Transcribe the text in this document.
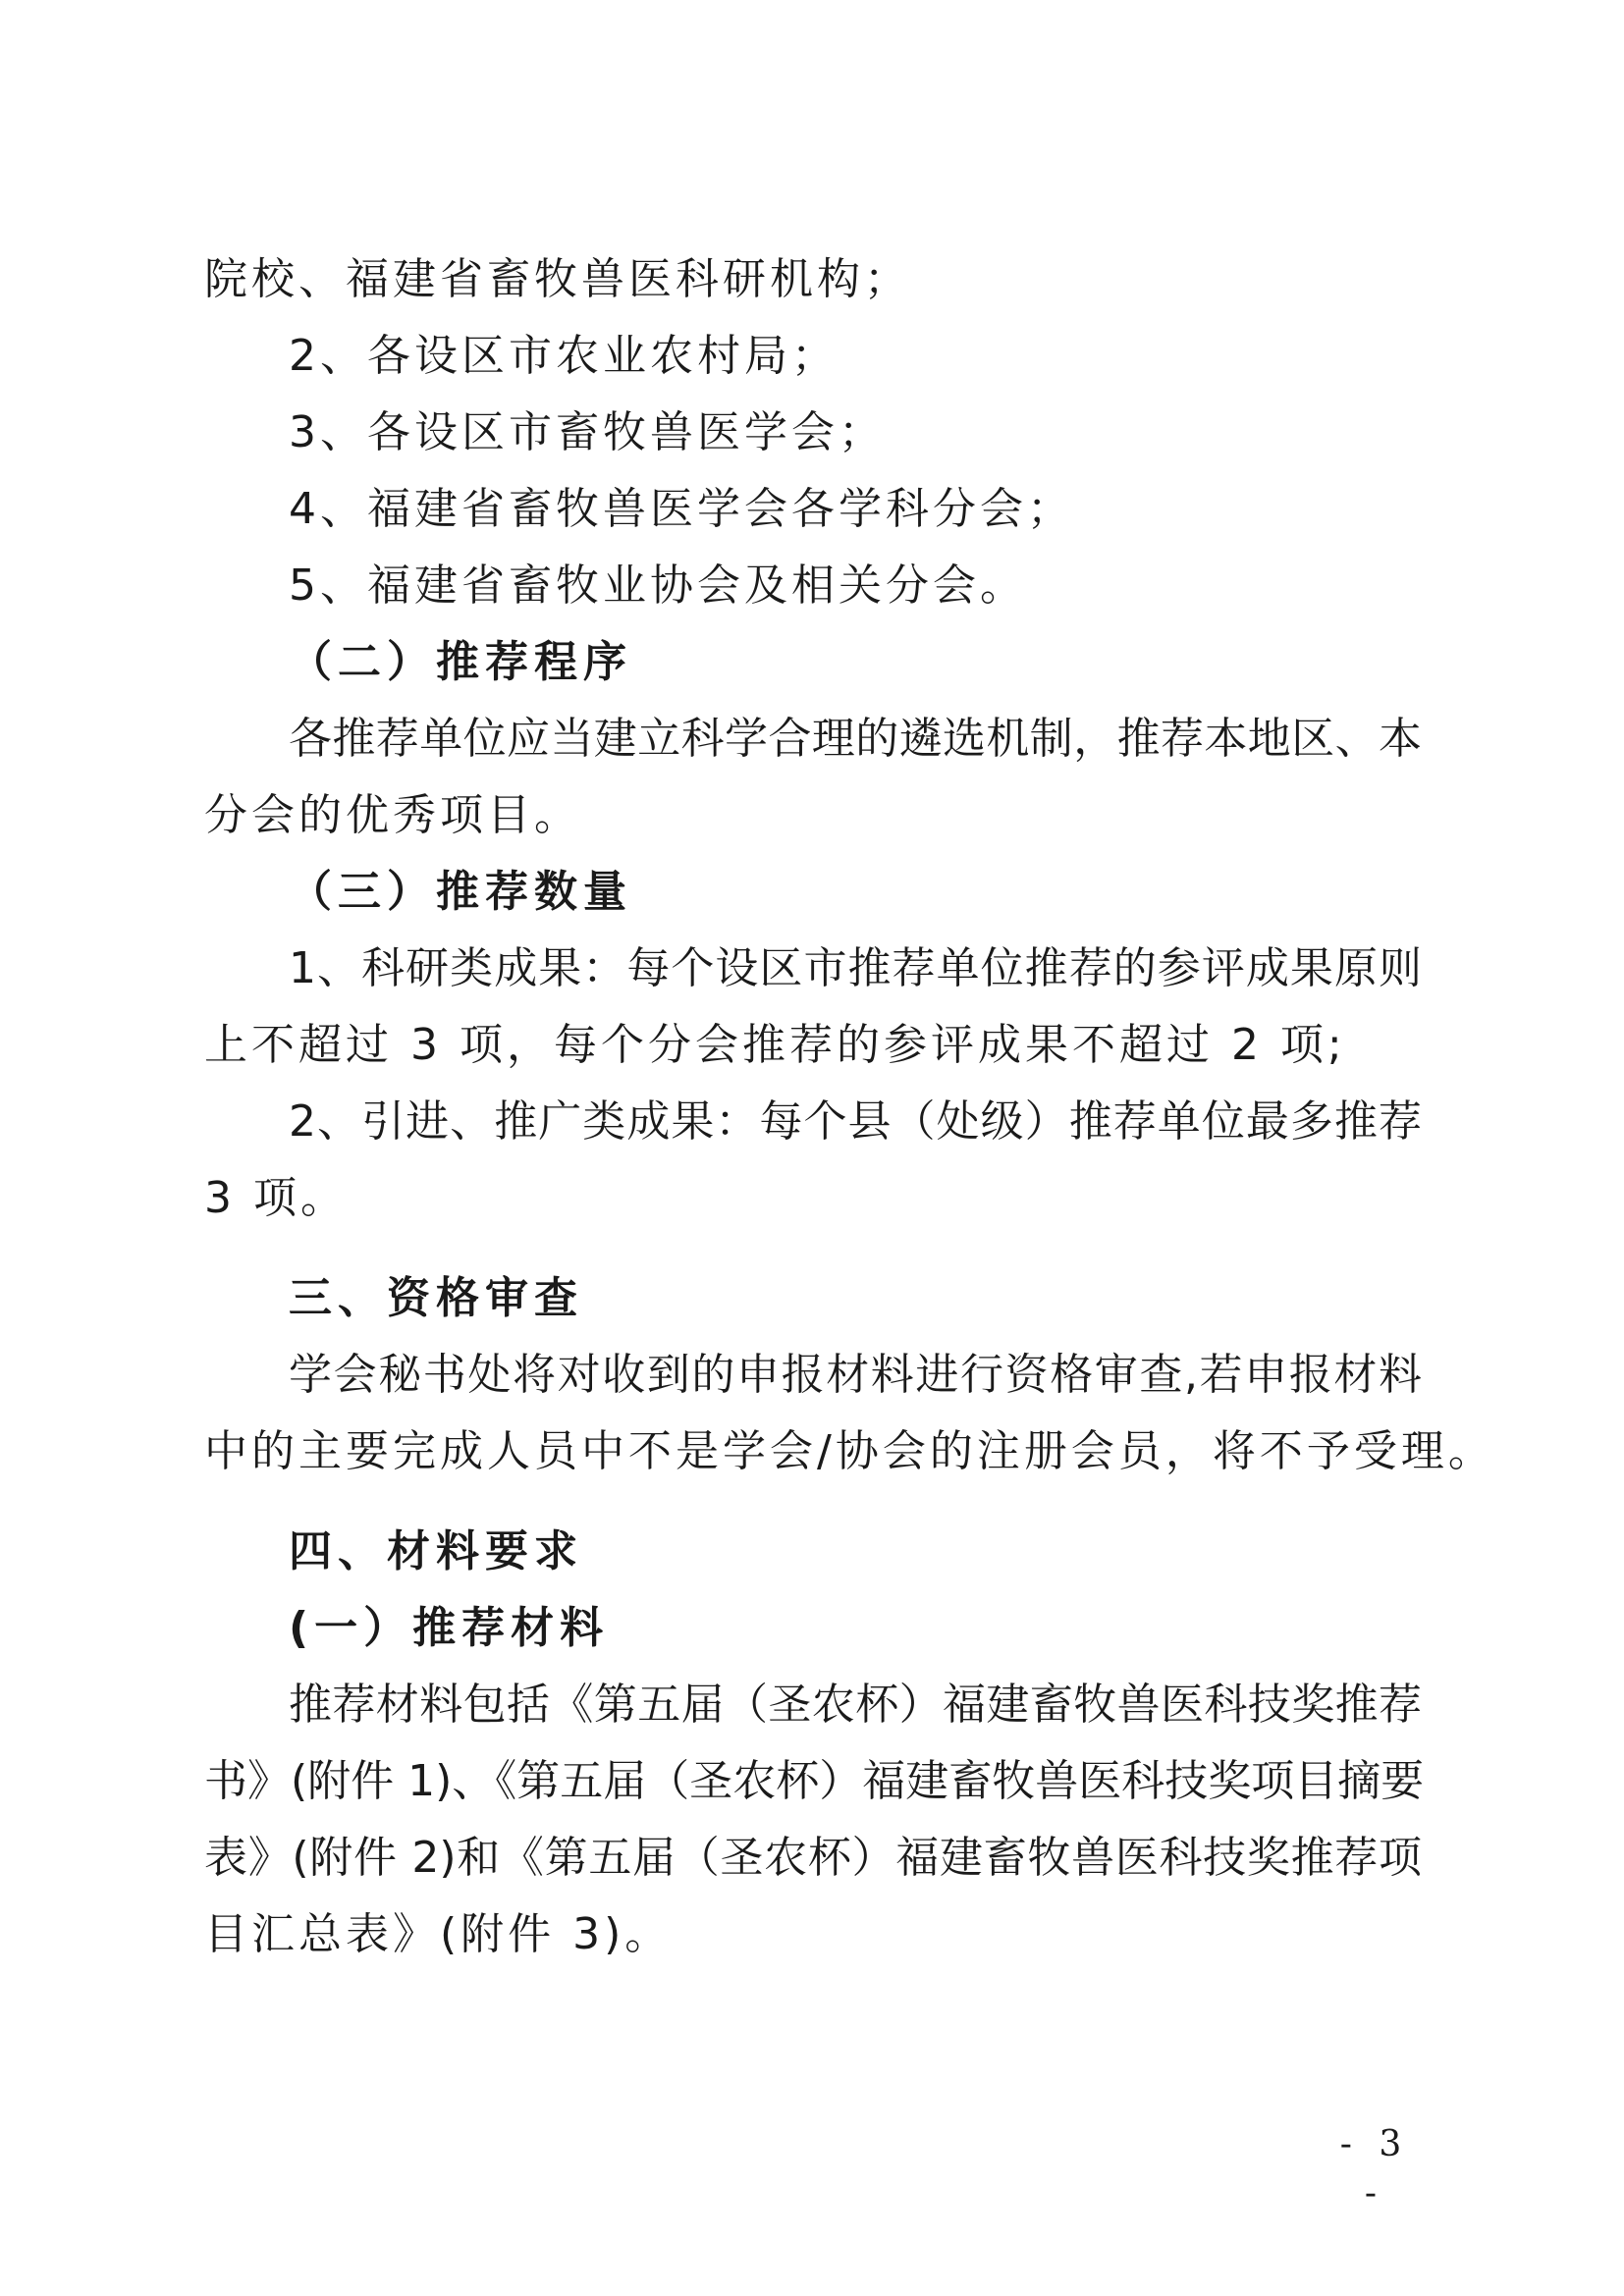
院校、福建省畜牧兽医科研机构；
2、各设区市农业农村局；
3、各设区市畜牧兽医学会；
4、福建省畜牧兽医学会各学科分会；
5、福建省畜牧业协会及相关分会。
（二）推荐程序
各推荐单位应当建立科学合理的遴选机制，推荐本地区、本
分会的优秀项目。
（三）推荐数量
1、科研类成果：每个设区市推荐单位推荐的参评成果原则
上不超过 3 项，每个分会推荐的参评成果不超过 2 项;
2、引进、推广类成果：每个县（处级）推荐单位最多推荐
3 项。
三、资格审查
学会秘书处将对收到的申报材料进行资格审查,若申报材料
中的主要完成人员中不是学会/协会的注册会员，将不予受理。
四、材料要求
(一）推荐材料
推荐材料包括《第五届（圣农杯）福建畜牧兽医科技奖推荐
书》(附件 1)、《第五届（圣农杯）福建畜牧兽医科技奖项目摘要
表》(附件 2)和《第五届（圣农杯）福建畜牧兽医科技奖推荐项
目汇总表》(附件 3)。
- 3 -
